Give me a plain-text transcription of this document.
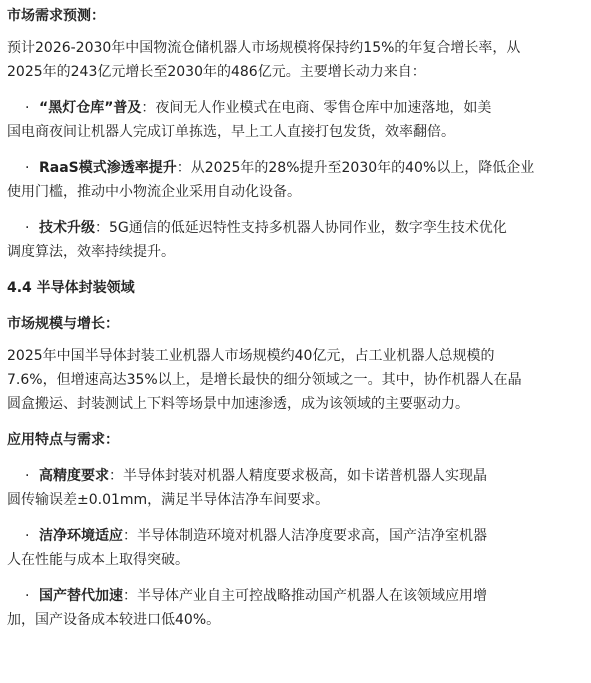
市场需求预测：

预计2026-2030年中国物流仓储机器人市场规模将保持约15%的年复合增长率，从

2025年的243亿元增长至2030年的486亿元。主要增长动力来自：

· “黑灯仓库”普及：夜间无人作业模式在电商、零售仓库中加速落地，如美
国电商夜间让机器人完成订单拣选，早上工人直接打包发货，效率翻倍。
· RaaS模式渗透率提升：从2025年的28%提升至2030年的40%以上，降低企业
使用门槛，推动中小物流企业采用自动化设备。
· 技术升级：5G通信的低延迟特性支持多机器人协同作业，数字孪生技术优化
调度算法，效率持续提升。

4.4 半导体封装领域

市场规模与增长：

2025年中国半导体封装工业机器人市场规模约40亿元，占工业机器人总规模的

7.6%，但增速高达35%以上，是增长最快的细分领域之一。其中，协作机器人在晶

圆盒搬运、封装测试上下料等场景中加速渗透，成为该领域的主要驱动力。

应用特点与需求：

· 高精度要求：半导体封装对机器人精度要求极高，如卡诺普机器人实现晶
圆传输误差±0.01mm，满足半导体洁净车间要求。
· 洁净环境适应：半导体制造环境对机器人洁净度要求高，国产洁净室机器
人在性能与成本上取得突破。
· 国产替代加速：半导体产业自主可控战略推动国产机器人在该领域应用增
加，国产设备成本较进口低40%。
